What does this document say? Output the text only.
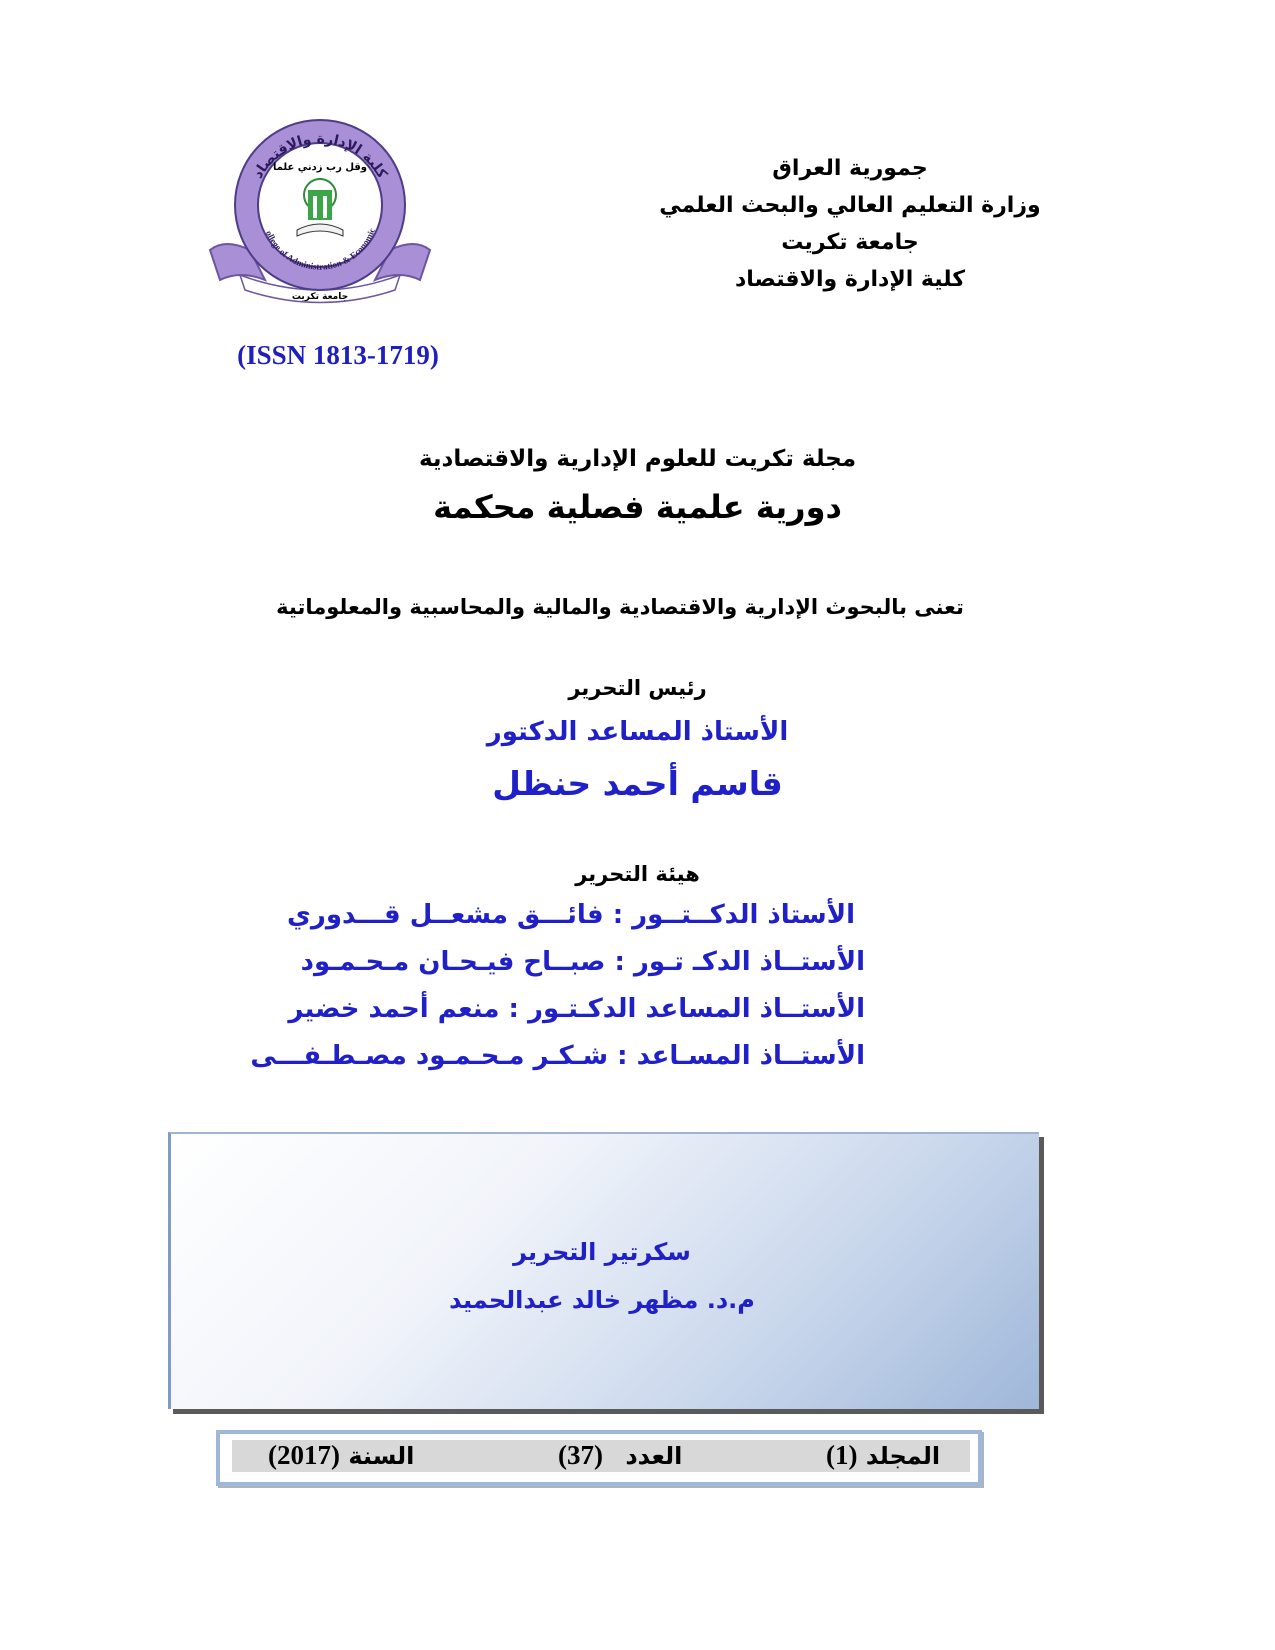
جمورية العراق
وزارة التعليم العالي والبحث العلمي
جامعة تكريت
كلية الإدارة والاقتصاد
كلية الإدارة والاقتصاد
ollege of Administration & Economic
وقل رب زدني علما
جامعة تكريت
(ISSN 1813-1719)
مجلة تكريت للعلوم الإدارية والاقتصادية
دورية علمية فصلية محكمة
تعنى بالبحوث الإدارية والاقتصادية والمالية والمحاسبية والمعلوماتية
رئيس التحرير
الأستاذ المساعد الدكتور
قاسم أحمد حنظل
هيئة التحرير
الأستاذ الدكــتــور : فائـــق مشعــل قـــدوري
الأستــاذ الدكـ تـور : صبــاح فيـحـان مـحـمـود
الأستــاذ المساعد الدكـتـور : منعم أحمد خضير
الأستــاذ المسـاعد : شـكـر مـحـمـود مصـطـفـــى
سكرتير التحرير
م.د. مظهر خالد عبدالحميد
(1) المجلد
(37) العدد
(2017) السنة
